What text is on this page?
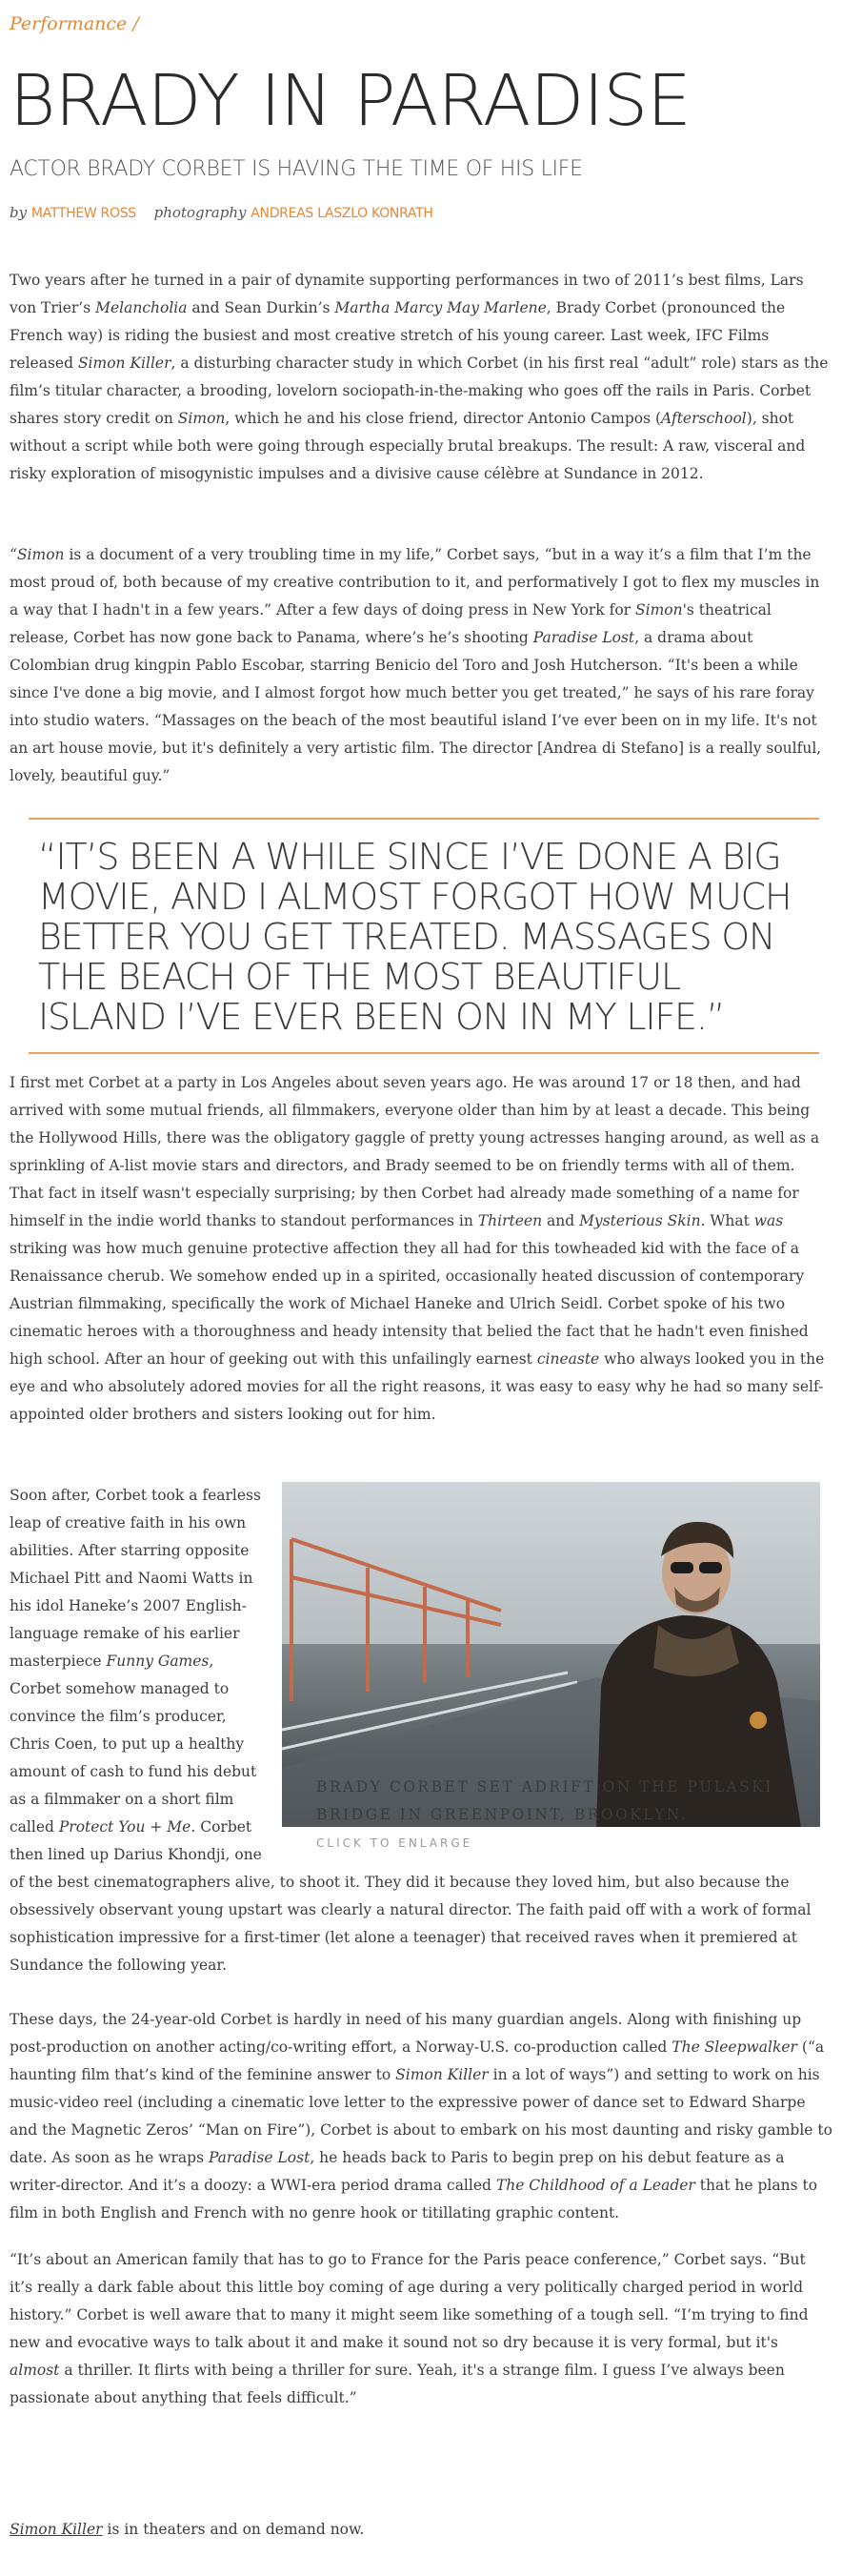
Performance /
BRADY IN PARADISE
ACTOR BRADY CORBET IS HAVING THE TIME OF HIS LIFE
by MATTHEW ROSS photography ANDREAS LASZLO KONRATH

Two years after he turned in a pair of dynamite supporting performances in two of 2011’s best films, Lars von Trier’s Melancholia and Sean Durkin’s Martha Marcy May Marlene, Brady Corbet (pronounced the French way) is riding the busiest and most creative stretch of his young career. Last week, IFC Films released Simon Killer, a disturbing character study in which Corbet (in his first real “adult” role) stars as the film’s titular character, a brooding, lovelorn sociopath-in-the-making who goes off the rails in Paris. Corbet shares story credit on Simon, which he and his close friend, director Antonio Campos (Afterschool), shot without a script while both were going through especially brutal breakups. The result: A raw, visceral and risky exploration of misogynistic impulses and a divisive cause célèbre at Sundance in 2012.

“Simon is a document of a very troubling time in my life,” Corbet says, “but in a way it’s a film that I’m the most proud of, both because of my creative contribution to it, and performatively I got to flex my muscles in a way that I hadn't in a few years.” After a few days of doing press in New York for Simon's theatrical release, Corbet has now gone back to Panama, where’s he’s shooting Paradise Lost, a drama about Colombian drug kingpin Pablo Escobar, starring Benicio del Toro and Josh Hutcherson. “It's been a while since I've done a big movie, and I almost forgot how much better you get treated,” he says of his rare foray into studio waters. “Massages on the beach of the most beautiful island I’ve ever been on in my life. It's not an art house movie, but it's definitely a very artistic film. The director [Andrea di Stefano] is a really soulful, lovely, beautiful guy.”

“IT’S BEEN A WHILE SINCE I’VE DONE A BIG MOVIE, AND I ALMOST FORGOT HOW MUCH BETTER YOU GET TREATED. MASSAGES ON THE BEACH OF THE MOST BEAUTIFUL ISLAND I’VE EVER BEEN ON IN MY LIFE.”

I first met Corbet at a party in Los Angeles about seven years ago. He was around 17 or 18 then, and had arrived with some mutual friends, all filmmakers, everyone older than him by at least a decade. This being the Hollywood Hills, there was the obligatory gaggle of pretty young actresses hanging around, as well as a sprinkling of A-list movie stars and directors, and Brady seemed to be on friendly terms with all of them. That fact in itself wasn't especially surprising; by then Corbet had already made something of a name for himself in the indie world thanks to standout performances in Thirteen and Mysterious Skin. What was striking was how much genuine protective affection they all had for this towheaded kid with the face of a Renaissance cherub. We somehow ended up in a spirited, occasionally heated discussion of contemporary Austrian filmmaking, specifically the work of Michael Haneke and Ulrich Seidl. Corbet spoke of his two cinematic heroes with a thoroughness and heady intensity that belied the fact that he hadn't even finished high school. After an hour of geeking out with this unfailingly earnest cineaste who always looked you in the eye and who absolutely adored movies for all the right reasons, it was easy to easy why he had so many self-appointed older brothers and sisters looking out for him.

BRADY CORBET SET ADRIFT ON THE PULASKI BRIDGE IN GREENPOINT, BROOKLYN.

CLICK TO ENLARGE

Soon after, Corbet took a fearless leap of creative faith in his own abilities. After starring opposite Michael Pitt and Naomi Watts in his idol Haneke’s 2007 English-language remake of his earlier masterpiece Funny Games, Corbet somehow managed to convince the film’s producer, Chris Coen, to put up a healthy amount of cash to fund his debut as a filmmaker on a short film called Protect You + Me. Corbet then lined up Darius Khondji, one of the best cinematographers alive, to shoot it. They did it because they loved him, but also because the obsessively observant young upstart was clearly a natural director. The faith paid off with a work of formal sophistication impressive for a first-timer (let alone a teenager) that received raves when it premiered at Sundance the following year.

These days, the 24-year-old Corbet is hardly in need of his many guardian angels. Along with finishing up post-production on another acting/co-writing effort, a Norway-U.S. co-production called The Sleepwalker (“a haunting film that’s kind of the feminine answer to Simon Killer in a lot of ways”) and setting to work on his music-video reel (including a cinematic love letter to the expressive power of dance set to Edward Sharpe and the Magnetic Zeros’ “Man on Fire”), Corbet is about to embark on his most daunting and risky gamble to date. As soon as he wraps Paradise Lost, he heads back to Paris to begin prep on his debut feature as a writer-director. And it’s a doozy: a WWI-era period drama called The Childhood of a Leader that he plans to film in both English and French with no genre hook or titillating graphic content.

“It’s about an American family that has to go to France for the Paris peace conference,” Corbet says. “But it’s really a dark fable about this little boy coming of age during a very politically charged period in world history.” Corbet is well aware that to many it might seem like something of a tough sell. “I’m trying to find new and evocative ways to talk about it and make it sound not so dry because it is very formal, but it's almost a thriller. It flirts with being a thriller for sure. Yeah, it's a strange film. I guess I’ve always been passionate about anything that feels difficult.”

Simon Killer is in theaters and on demand now.
